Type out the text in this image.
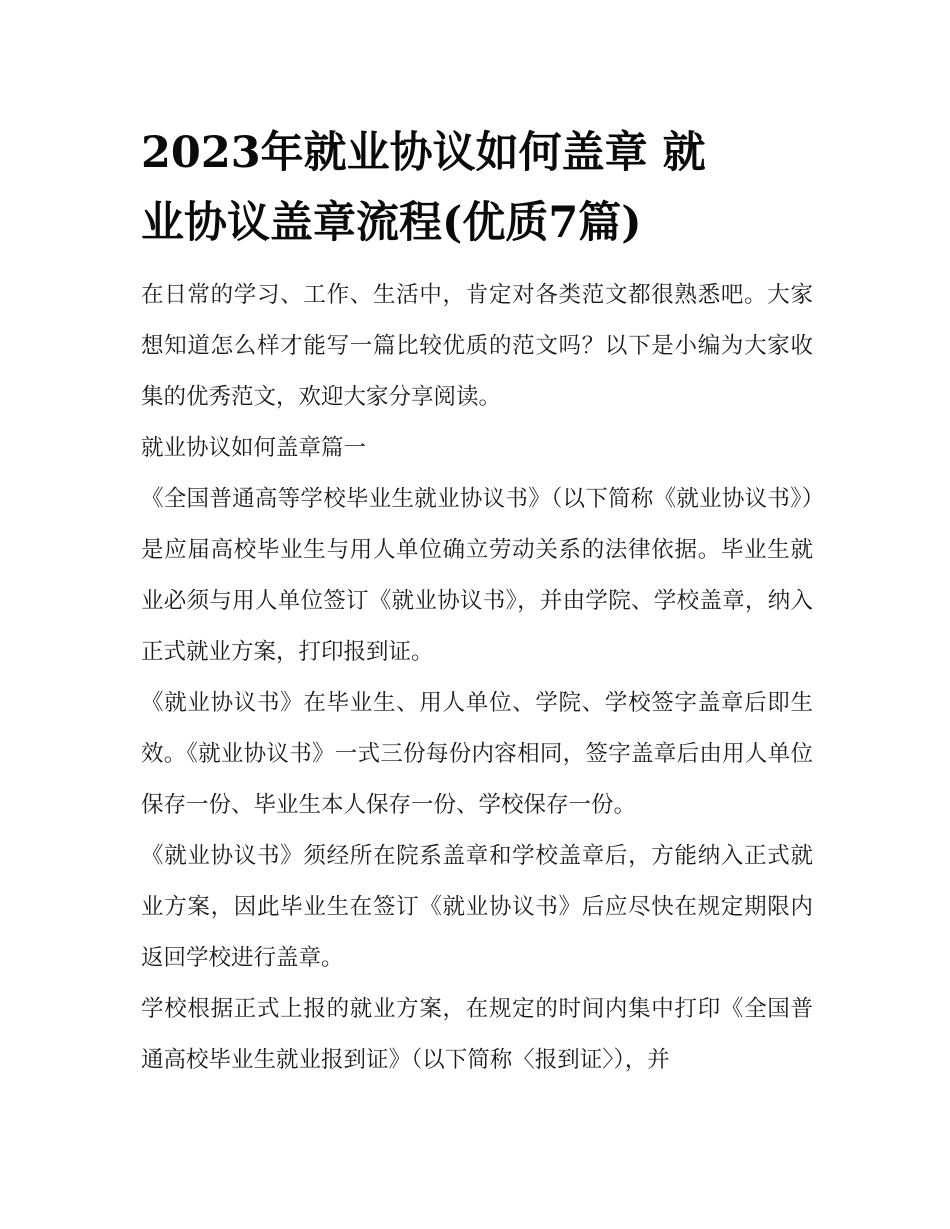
2023年就业协议如何盖章 就
业协议盖章流程(优质7篇)

在日常的学习、工作、生活中，肯定对各类范文都很熟悉吧。大家想知道怎么样才能写一篇比较优质的范文吗？以下是小编为大家收集的优秀范文，欢迎大家分享阅读。

就业协议如何盖章篇一

《全国普通高等学校毕业生就业协议书》（以下简称《就业协议书》）是应届高校毕业生与用人单位确立劳动关系的法律依据。毕业生就业必须与用人单位签订《就业协议书》，并由学院、学校盖章，纳入正式就业方案，打印报到证。

《就业协议书》在毕业生、用人单位、学院、学校签字盖章后即生效。《就业协议书》一式三份每份内容相同，签字盖章后由用人单位保存一份、毕业生本人保存一份、学校保存一份。

《就业协议书》须经所在院系盖章和学校盖章后，方能纳入正式就业方案，因此毕业生在签订《就业协议书》后应尽快在规定期限内返回学校进行盖章。

学校根据正式上报的就业方案，在规定的时间内集中打印《全国普通高校毕业生就业报到证》（以下简称〈报到证〉），并
